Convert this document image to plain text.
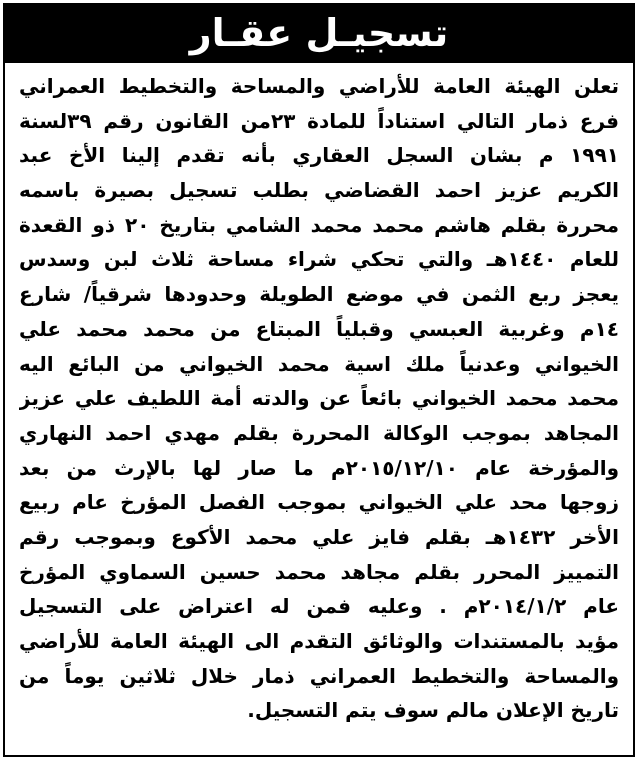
تسجيـل عقـار
تعلن الهيئة العامة للأراضي والمساحة والتخطيط العمراني
فرع ذمار التالي استناداً للمادة ٢٣من القانون رقم ٣٩لسنة
١٩٩١ م بشان السجل العقاري بأنه تقدم إلينا الأخ عبد
الكريم عزيز احمد القضاضي بطلب تسجيل بصيرة باسمه
محررة بقلم هاشم محمد محمد الشامي بتاريخ ٢٠ ذو القعدة
للعام ١٤٤٠هـ والتي تحكي شراء مساحة ثلاث لبن وسدس
يعجز ربع الثمن في موضع الطويلة وحدودها شرقياً/ شارع
١٤م وغربية العبسي وقبلياً المبتاع من محمد محمد علي
الخيواني وعدنياً ملك اسية محمد الخيواني من البائع اليه
محمد محمد الخيواني بائعاً عن والدته أمة اللطيف علي عزيز
المجاهد بموجب الوكالة المحررة بقلم مهدي احمد النهاري
والمؤرخة عام ٢٠١٥/١٢/١٠م ما صار لها بالإرث من بعد
زوجها محد علي الخيواني بموجب الفصل المؤرخ عام ربيع
الأخر ١٤٣٢هـ بقلم فايز علي محمد الأكوع وبموجب رقم
التمييز المحرر بقلم مجاهد محمد حسين السماوي المؤرخ
عام ٢٠١٤/١/٢م . وعليه فمن له اعتراض على التسجيل
مؤيد بالمستندات والوثائق التقدم الى الهيئة العامة للأراضي
والمساحة والتخطيط العمراني ذمار خلال ثلاثين يوماً من
تاريخ الإعلان مالم سوف يتم التسجيل.
